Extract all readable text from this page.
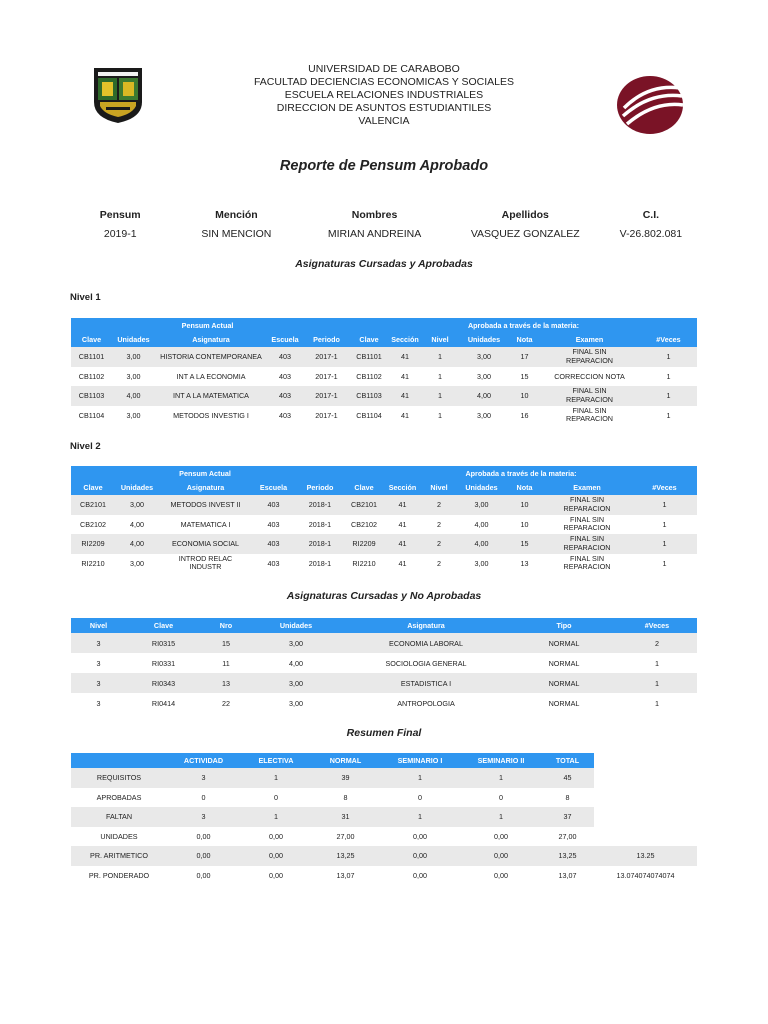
UNIVERSIDAD DE CARABOBO
FACULTAD DECIENCIAS ECONOMICAS Y SOCIALES
ESCUELA RELACIONES INDUSTRIALES
DIRECCION DE ASUNTOS ESTUDIANTILES
VALENCIA
Reporte de Pensum Aprobado
Pensum	Mención	Nombres	Apellidos	C.I.
2019-1	SIN MENCION	MIRIAN ANDREINA	VASQUEZ GONZALEZ	V-26.802.081
Asignaturas Cursadas y Aprobadas
Nivel 1
	Pensum Actual				Aprobada a través de la materia:						
Clave	Unidades	Asignatura	Escuela	Periodo	Clave	Sección	Nivel	Unidades	Nota	Examen	#Veces
CB1101	3,00	HISTORIA CONTEMPORANEA	403	2017-1	CB1101	41	1	3,00	17	FINAL SIN REPARACION	1
CB1102	3,00	INT A LA ECONOMIA	403	2017-1	CB1102	41	1	3,00	15	CORRECCION NOTA	1
CB1103	4,00	INT A LA MATEMATICA	403	2017-1	CB1103	41	1	4,00	10	FINAL SIN REPARACION	1
CB1104	3,00	METODOS INVESTIG I	403	2017-1	CB1104	41	1	3,00	16	FINAL SIN REPARACION	1
Nivel 2
	Pensum Actual				Aprobada a través de la materia:						
Clave	Unidades	Asignatura	Escuela	Periodo	Clave	Sección	Nivel	Unidades	Nota	Examen	#Veces
CB2101	3,00	METODOS INVEST II	403	2018-1	CB2101	41	2	3,00	10	FINAL SIN REPARACION	1
CB2102	4,00	MATEMATICA I	403	2018-1	CB2102	41	2	4,00	10	FINAL SIN REPARACION	1
RI2209	4,00	ECONOMIA SOCIAL	403	2018-1	RI2209	41	2	4,00	15	FINAL SIN REPARACION	1
RI2210	3,00	INTROD RELAC INDUSTR	403	2018-1	RI2210	41	2	3,00	13	FINAL SIN REPARACION	1
Asignaturas Cursadas y No Aprobadas
Nivel	Clave	Nro	Unidades	Asignatura	Tipo	#Veces
3	RI0315	15	3,00	ECONOMIA LABORAL	NORMAL	2
3	RI0331	11	4,00	SOCIOLOGIA GENERAL	NORMAL	1
3	RI0343	13	3,00	ESTADISTICA I	NORMAL	1
3	RI0414	22	3,00	ANTROPOLOGIA	NORMAL	1
Resumen Final
	ACTIVIDAD	ELECTIVA	NORMAL	SEMINARIO I	SEMINARIO II	TOTAL	
REQUISITOS	3	1	39	1	1	45	
APROBADAS	0	0	8	0	0	8	
FALTAN	3	1	31	1	1	37	
UNIDADES	0,00	0,00	27,00	0,00	0,00	27,00	
PR. ARITMETICO	0,00	0,00	13,25	0,00	0,00	13,25	13.25
PR. PONDERADO	0,00	0,00	13,07	0,00	0,00	13,07	13.074074074074
